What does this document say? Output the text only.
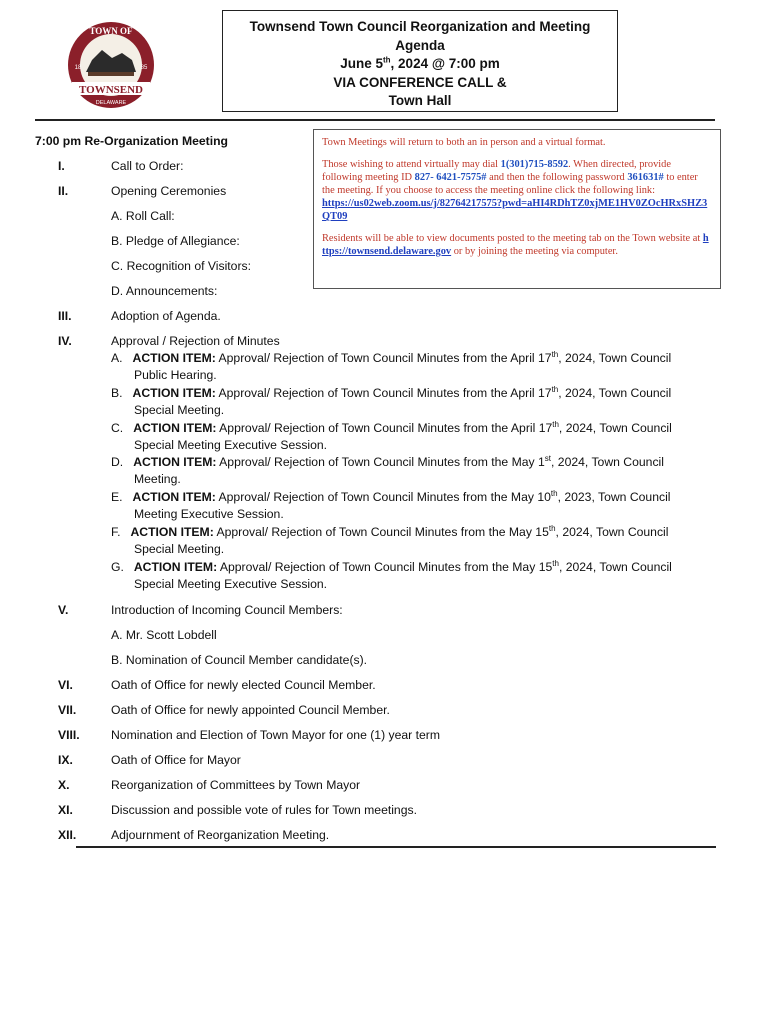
TOWN OF
18	85
TOWNSEND
DELAWARE
Townsend Town Council Reorganization and Meeting
Agenda
June 5th, 2024 @ 7:00 pm
VIA CONFERENCE CALL &
Town Hall

Town Meetings will return to both an in person and a virtual format.

Those wishing to attend virtually may dial 1(301)715-8592. When directed, provide following meeting ID 827- 6421-7575# and then the following password 361631# to enter the meeting. If you choose to access the meeting online click the following link:
https://us02web.zoom.us/j/82764217575?pwd=aHI4RDhTZ0xjME1HV0ZOcHRxSHZ3QT09

Residents will be able to view documents posted to the meeting tab on the Town website at https://townsend.delaware.gov or by joining the meeting via computer.

7:00 pm Re-Organization Meeting
I.	Call to Order:
II.	Opening Ceremonies
A. Roll Call:
B. Pledge of Allegiance:
C. Recognition of Visitors:
D. Announcements:
III.	Adoption of Agenda.
IV.	Approval / Rejection of Minutes
A. ACTION ITEM: Approval/ Rejection of Town Council Minutes from the April 17th, 2024, Town Council
Public Hearing.
B. ACTION ITEM: Approval/ Rejection of Town Council Minutes from the April 17th, 2024, Town Council
Special Meeting.
C. ACTION ITEM: Approval/ Rejection of Town Council Minutes from the April 17th, 2024, Town Council
Special Meeting Executive Session.
D. ACTION ITEM: Approval/ Rejection of Town Council Minutes from the May 1st, 2024, Town Council
Meeting.
E. ACTION ITEM: Approval/ Rejection of Town Council Minutes from the May 10th, 2023, Town Council
Meeting Executive Session.
F. ACTION ITEM: Approval/ Rejection of Town Council Minutes from the May 15th, 2024, Town Council
Special Meeting.
G. ACTION ITEM: Approval/ Rejection of Town Council Minutes from the May 15th, 2024, Town Council
Special Meeting Executive Session.
V.	Introduction of Incoming Council Members:
A. Mr. Scott Lobdell
B. Nomination of Council Member candidate(s).
VI.	Oath of Office for newly elected Council Member.
VII.	Oath of Office for newly appointed Council Member.
VIII.	Nomination and Election of Town Mayor for one (1) year term
IX.	Oath of Office for Mayor
X.	Reorganization of Committees by Town Mayor
XI.	Discussion and possible vote of rules for Town meetings.
XII.	Adjournment of Reorganization Meeting.
